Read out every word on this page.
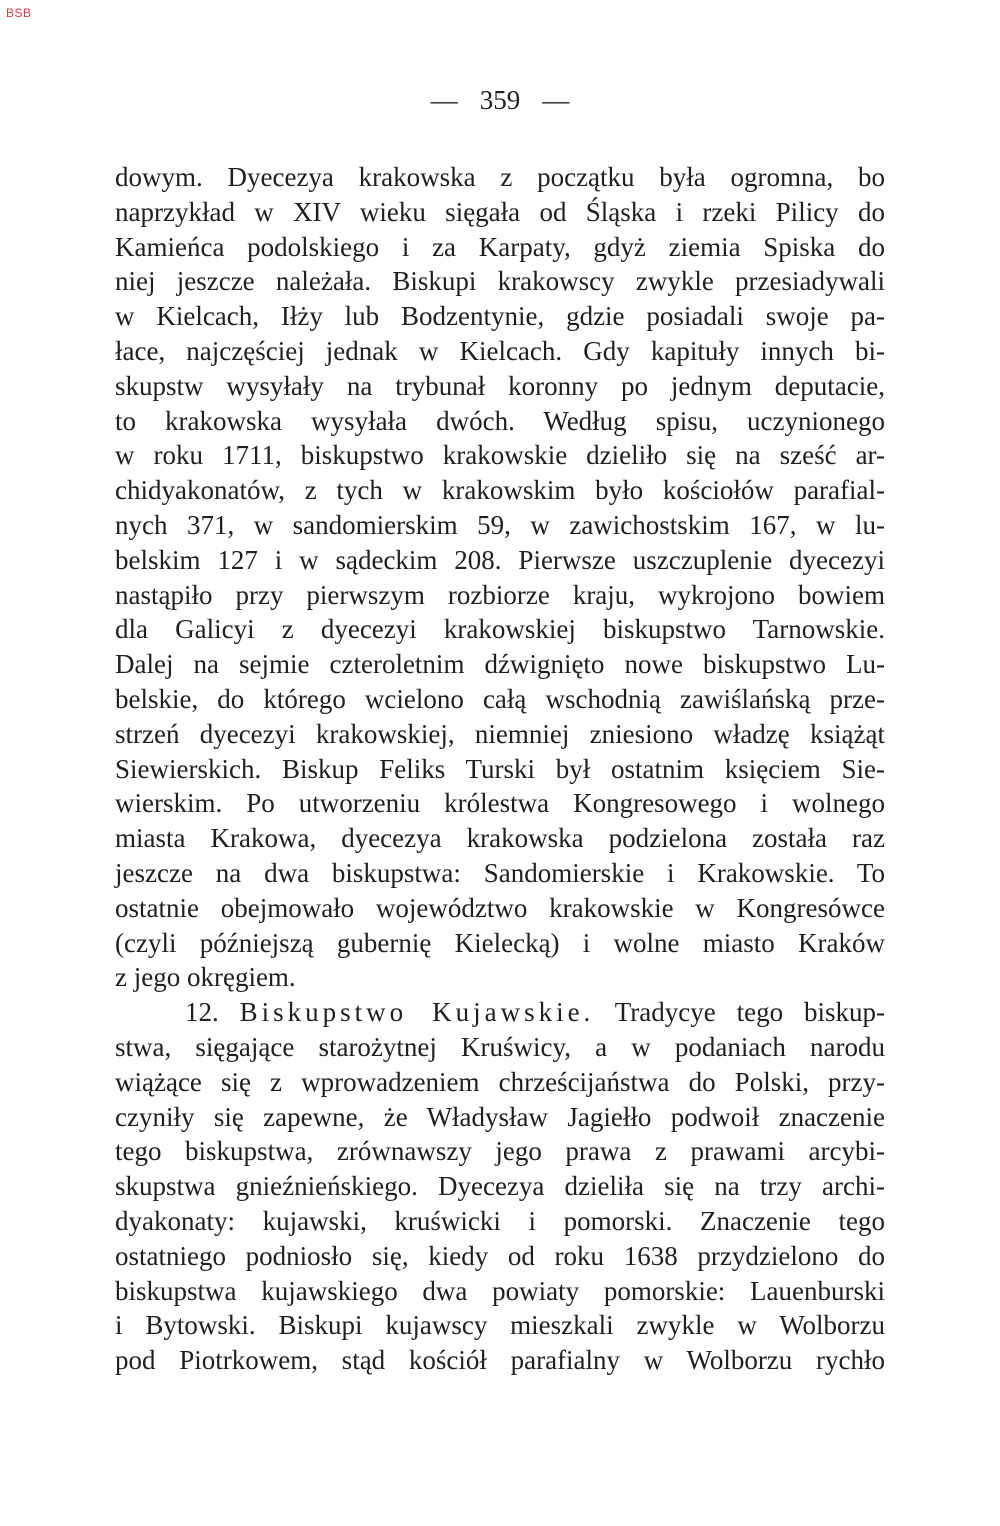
BSB
— 359 —
dowym. Dyecezya krakowska z początku była ogromna, bo
naprzykład w XIV wieku sięgała od Śląska i rzeki Pilicy do
Kamieńca podolskiego i za Karpaty, gdyż ziemia Spiska do
niej jeszcze należała. Biskupi krakowscy zwykle przesiadywali
w Kielcach, Iłży lub Bodzentynie, gdzie posiadali swoje pa-
łace, najczęściej jednak w Kielcach. Gdy kapituły innych bi-
skupstw wysyłały na trybunał koronny po jednym deputacie,
to krakowska wysyłała dwóch. Według spisu, uczynionego
w roku 1711, biskupstwo krakowskie dzieliło się na sześć ar-
chidyakonatów, z tych w krakowskim było kościołów parafial-
nych 371, w sandomierskim 59, w zawichostskim 167, w lu-
belskim 127 i w sądeckim 208. Pierwsze uszczuplenie dyecezyi
nastąpiło przy pierwszym rozbiorze kraju, wykrojono bowiem
dla Galicyi z dyecezyi krakowskiej biskupstwo Tarnowskie.
Dalej na sejmie czteroletnim dźwignięto nowe biskupstwo Lu-
belskie, do którego wcielono całą wschodnią zawiślańską prze-
strzeń dyecezyi krakowskiej, niemniej zniesiono władzę książąt
Siewierskich. Biskup Feliks Turski był ostatnim księciem Sie-
wierskim. Po utworzeniu królestwa Kongresowego i wolnego
miasta Krakowa, dyecezya krakowska podzielona została raz
jeszcze na dwa biskupstwa: Sandomierskie i Krakowskie. To
ostatnie obejmowało województwo krakowskie w Kongresówce
(czyli późniejszą gubernię Kielecką) i wolne miasto Kraków
z jego okręgiem.
12. Biskupstwo Kujawskie. Tradycye tego biskup-
stwa, sięgające starożytnej Kruświcy, a w podaniach narodu
wiążące się z wprowadzeniem chrześcijaństwa do Polski, przy-
czyniły się zapewne, że Władysław Jagiełło podwoił znaczenie
tego biskupstwa, zrównawszy jego prawa z prawami arcybi-
skupstwa gnieźnieńskiego. Dyecezya dzieliła się na trzy archi-
dyakonaty: kujawski, kruświcki i pomorski. Znaczenie tego
ostatniego podniosło się, kiedy od roku 1638 przydzielono do
biskupstwa kujawskiego dwa powiaty pomorskie: Lauenburski
i Bytowski. Biskupi kujawscy mieszkali zwykle w Wolborzu
pod Piotrkowem, stąd kościół parafialny w Wolborzu rychło
